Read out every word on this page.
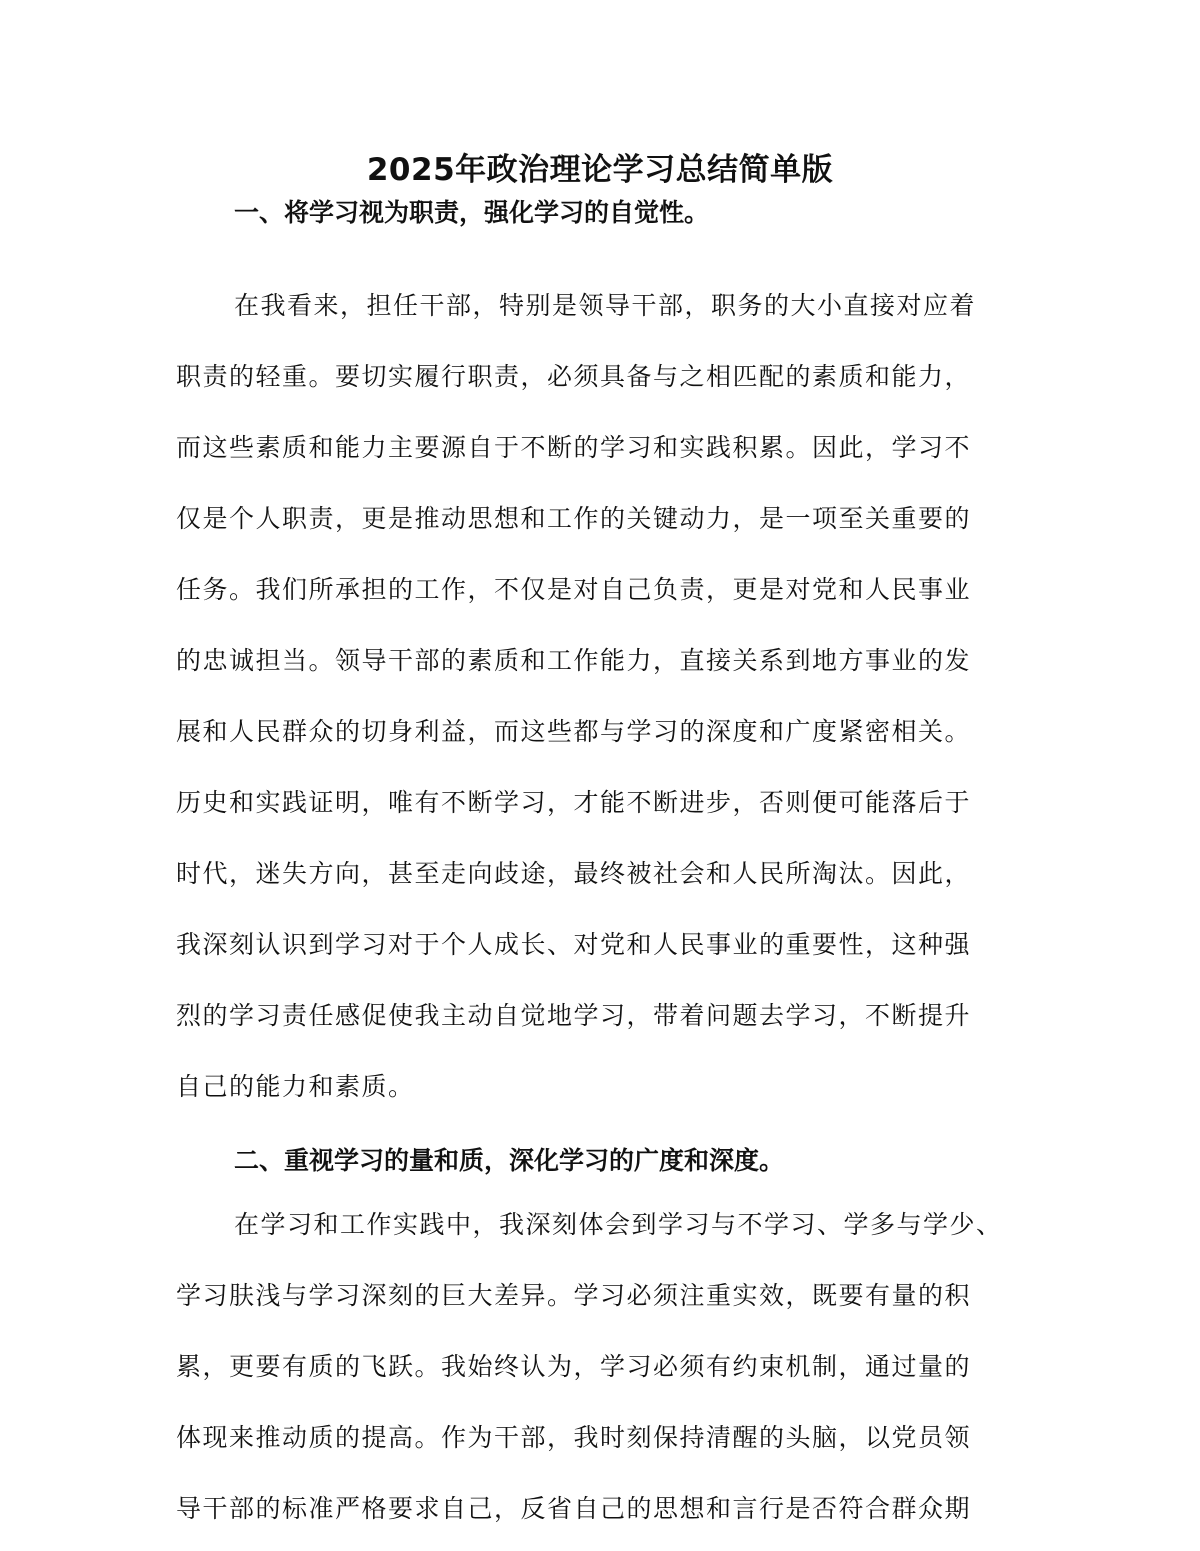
2025年政治理论学习总结简单版
一、将学习视为职责，强化学习的自觉性。
在我看来，担任干部，特别是领导干部，职务的大小直接对应着
职责的轻重。要切实履行职责，必须具备与之相匹配的素质和能力，
而这些素质和能力主要源自于不断的学习和实践积累。因此，学习不
仅是个人职责，更是推动思想和工作的关键动力，是一项至关重要的
任务。我们所承担的工作，不仅是对自己负责，更是对党和人民事业
的忠诚担当。领导干部的素质和工作能力，直接关系到地方事业的发
展和人民群众的切身利益，而这些都与学习的深度和广度紧密相关。
历史和实践证明，唯有不断学习，才能不断进步，否则便可能落后于
时代，迷失方向，甚至走向歧途，最终被社会和人民所淘汰。因此，
我深刻认识到学习对于个人成长、对党和人民事业的重要性，这种强
烈的学习责任感促使我主动自觉地学习，带着问题去学习，不断提升
自己的能力和素质。
二、重视学习的量和质，深化学习的广度和深度。
在学习和工作实践中，我深刻体会到学习与不学习、学多与学少、
学习肤浅与学习深刻的巨大差异。学习必须注重实效，既要有量的积
累，更要有质的飞跃。我始终认为，学习必须有约束机制，通过量的
体现来推动质的提高。作为干部，我时刻保持清醒的头脑，以党员领
导干部的标准严格要求自己，反省自己的思想和言行是否符合群众期
